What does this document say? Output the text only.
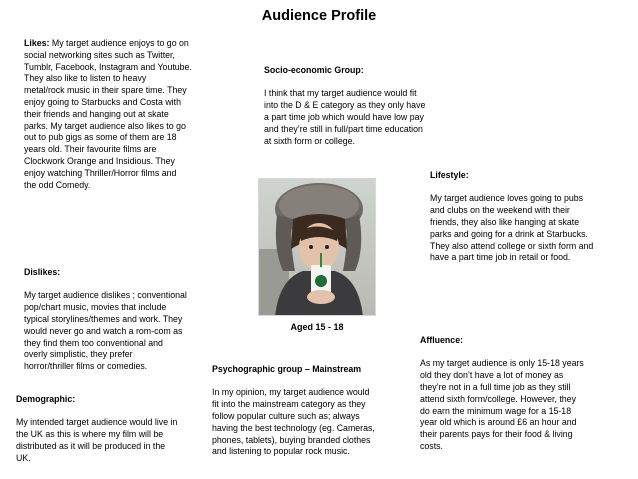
Audience Profile
Likes: My target audience enjoys to go on
social networking sites such as Twitter,
Tumblr, Facebook, Instagram and Youtube.
They also like to listen to heavy
metal/rock music in their spare time. They
enjoy going to Starbucks and Costa with
their friends and hanging out at skate
parks. My target audience also likes to go
out to pub gigs as some of them are 18
years old. Their favourite films are
Clockwork Orange and Insidious. They
enjoy watching Thriller/Horror films and
the odd Comedy.

Socio-economic Group:

I think that my target audience would fit
into the D & E category as they only have
a part time job which would have low pay
and they’re still in full/part time education
at sixth form or college.

Lifestyle:

My target audience loves going to pubs
and clubs on the weekend with their
friends, they also like hanging at skate
parks and going for a drink at Starbucks.
They also attend college or sixth form and
have a part time job in retail or food.

Aged 15 - 18

Dislikes:

My target audience dislikes ; conventional
pop/chart music, movies that include
typical storylines/themes and work. They
would never go and watch a rom-com as
they find them too conventional and
overly simplistic, they prefer
horror/thriller films or comedies.

Affluence:

As my target audience is only 15-18 years
old they don’t have a lot of money as
they’re not in a full time job as they still
attend sixth form/college. However, they
do earn the minimum wage for a 15-18
year old which is around £6 an hour and
their parents pays for their food & living
costs.

Psychographic group – Mainstream

In my opinion, my target audience would
fit into the mainstream category as they
follow popular culture such as; always
having the best technology (eg. Cameras,
phones, tablets), buying branded clothes
and listening to popular rock music.

Demographic:

My intended target audience would live in
the UK as this is where my film will be
distributed as it will be produced in the
UK.
